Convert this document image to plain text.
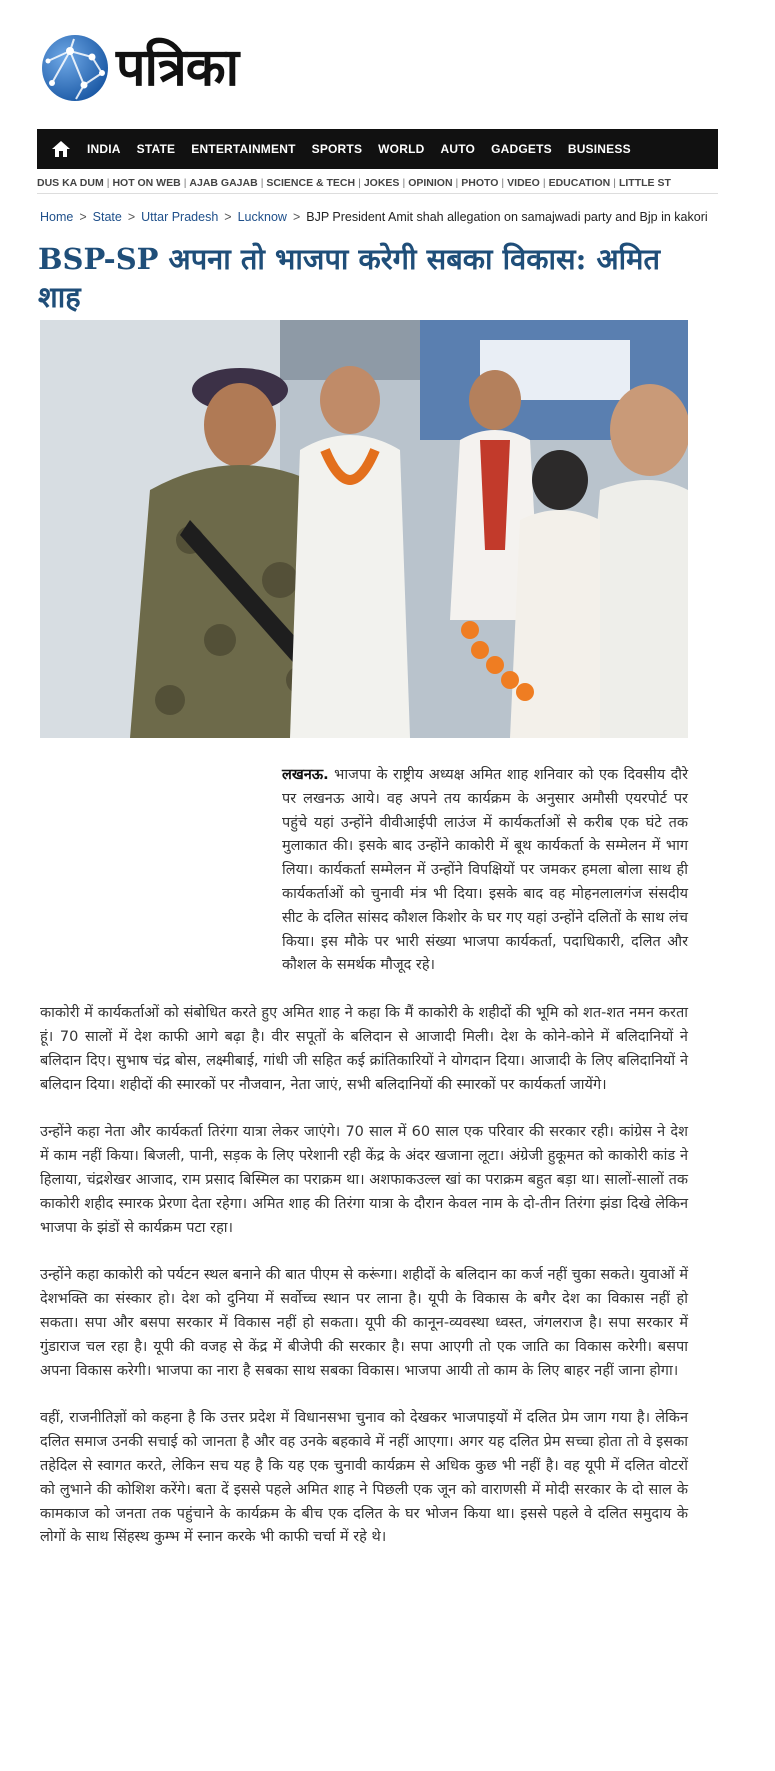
पत्रिका
INDIA STATE ENTERTAINMENT SPORTS WORLD AUTO GADGETS BUSINESS
DUS KA DUM | HOT ON WEB | AJAB GAJAB | SCIENCE & TECH | JOKES | OPINION | PHOTO | VIDEO | EDUCATION | LITTLE ST
Home > State > Uttar Pradesh > Lucknow > BJP President Amit shah allegation on samajwadi party and Bjp in kakori
BSP-SP अपना तो भाजपा करेगी सबका विकास: अमित शाह

लखनऊ. भाजपा के राष्ट्रीय अध्यक्ष अमित शाह शनिवार को एक दिवसीय दौरे पर लखनऊ आये। वह अपने तय कार्यक्रम के अनुसार अमौसी एयरपोर्ट पर पहुंचे यहां उन्होंने वीवीआईपी लाउंज में कार्यकर्ताओं से करीब एक घंटे तक मुलाकात की। इसके बाद उन्होंने काकोरी में बूथ कार्यकर्ता के सम्मेलन में भाग लिया। कार्यकर्ता सम्मेलन में उन्होंने विपक्षियों पर जमकर हमला बोला साथ ही कार्यकर्ताओं को चुनावी मंत्र भी दिया। इसके बाद वह मोहनलालगंज संसदीय सीट के दलित सांसद कौशल किशोर के घर गए यहां उन्होंने दलितों के साथ लंच किया। इस मौके पर भारी संख्या भाजपा कार्यकर्ता, पदाधिकारी, दलित और कौशल के समर्थक मौजूद रहे।

काकोरी में कार्यकर्ताओं को संबोधित करते हुए अमित शाह ने कहा कि मैं काकोरी के शहीदों की भूमि को शत-शत नमन करता हूं। 70 सालों में देश काफी आगे बढ़ा है। वीर सपूतों के बलिदान से आजादी मिली। देश के कोने-कोने में बलिदानियों ने बलिदान दिए। सुभाष चंद्र बोस, लक्ष्मीबाई, गांधी जी सहित कई क्रांतिकारियों ने योगदान दिया। आजादी के लिए बलिदानियों ने बलिदान दिया। शहीदों की स्मारकों पर नौजवान, नेता जाएं, सभी बलिदानियों की स्मारकों पर कार्यकर्ता जायेंगे।

उन्होंने कहा नेता और कार्यकर्ता तिरंगा यात्रा लेकर जाएंगे। 70 साल में 60 साल एक परिवार की सरकार रही। कांग्रेस ने देश में काम नहीं किया। बिजली, पानी, सड़क के लिए परेशानी रही केंद्र के अंदर खजाना लूटा। अंग्रेजी हुकूमत को काकोरी कांड ने हिलाया, चंद्रशेखर आजाद, राम प्रसाद बिस्मिल का पराक्रम था। अशफाकउल्ल खां का पराक्रम बहुत बड़ा था। सालों-सालों तक काकोरी शहीद स्मारक प्रेरणा देता रहेगा। अमित शाह की तिरंगा यात्रा के दौरान केवल नाम के दो-तीन तिरंगा झंडा दिखे लेकिन भाजपा के झंडों से कार्यक्रम पटा रहा।

उन्होंने कहा काकोरी को पर्यटन स्थल बनाने की बात पीएम से करूंगा। शहीदों के बलिदान का कर्ज नहीं चुका सकते। युवाओं में देशभक्ति का संस्कार हो। देश को दुनिया में सर्वोच्च स्थान पर लाना है। यूपी के विकास के बगैर देश का विकास नहीं हो सकता। सपा और बसपा सरकार में विकास नहीं हो सकता। यूपी की कानून-व्यवस्था ध्वस्त, जंगलराज है। सपा सरकार में गुंडाराज चल रहा है। यूपी की वजह से केंद्र में बीजेपी की सरकार है। सपा आएगी तो एक जाति का विकास करेगी। बसपा अपना विकास करेगी। भाजपा का नारा है सबका साथ सबका विकास। भाजपा आयी तो काम के लिए बाहर नहीं जाना होगा।

वहीं, राजनीतिज्ञों को कहना है कि उत्तर प्रदेश में विधानसभा चुनाव को देखकर भाजपाइयों में दलित प्रेम जाग गया है। लेकिन दलित समाज उनकी सचाई को जानता है और वह उनके बहकावे में नहीं आएगा। अगर यह दलित प्रेम सच्चा होता तो वे इसका तहेदिल से स्वागत करते, लेकिन सच यह है कि यह एक चुनावी कार्यक्रम से अधिक कुछ भी नहीं है। वह यूपी में दलित वोटरों को लुभाने की कोशिश करेंगे। बता दें इससे पहले अमित शाह ने पिछली एक जून को वाराणसी में मोदी सरकार के दो साल के कामकाज को जनता तक पहुंचाने के कार्यक्रम के बीच एक दलित के घर भोजन किया था। इससे पहले वे दलित समुदाय के लोगों के साथ सिंहस्थ कुम्भ में स्नान करके भी काफी चर्चा में रहे थे।
